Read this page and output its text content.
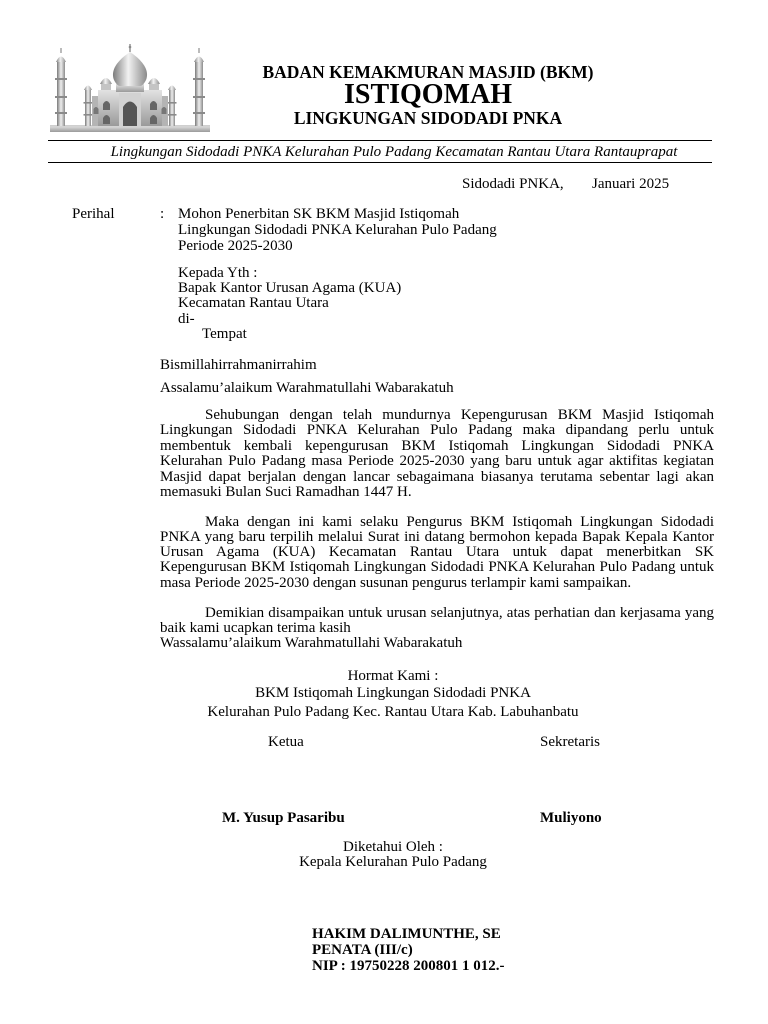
BADAN KEMAKMURAN MASJID (BKM)
ISTIQOMAH
LINGKUNGAN SIDODADI PNKA
Lingkungan Sidodadi PNKA Kelurahan Pulo Padang Kecamatan Rantau Utara Rantauprapat
Sidodadi PNKA, Januari 2025
Perihal	: Mohon Penerbitan SK BKM Masjid Istiqomah
Lingkungan Sidodadi PNKA Kelurahan Pulo Padang
Periode 2025-2030
Kepada Yth :
Bapak Kantor Urusan Agama (KUA)
Kecamatan Rantau Utara
di-
Tempat
Bismillahirrahmanirrahim
Assalamu’alaikum Warahmatullahi Wabarakatuh
Sehubungan dengan telah mundurnya Kepengurusan BKM Masjid Istiqomah
Lingkungan Sidodadi PNKA Kelurahan Pulo Padang maka dipandang perlu untuk
membentuk kembali kepengurusan BKM Istiqomah Lingkungan Sidodadi PNKA
Kelurahan Pulo Padang masa Periode 2025-2030 yang baru untuk agar aktifitas kegiatan
Masjid dapat berjalan dengan lancar sebagaimana biasanya terutama sebentar lagi akan
memasuki Bulan Suci Ramadhan 1447 H.
Maka dengan ini kami selaku Pengurus BKM Istiqomah Lingkungan Sidodadi
PNKA yang baru terpilih melalui Surat ini datang bermohon kepada Bapak Kepala Kantor
Urusan Agama (KUA) Kecamatan Rantau Utara untuk dapat menerbitkan SK
Kepengurusan BKM Istiqomah Lingkungan Sidodadi PNKA Kelurahan Pulo Padang untuk
masa Periode 2025-2030 dengan susunan pengurus terlampir kami sampaikan.
Demikian disampaikan untuk urusan selanjutnya, atas perhatian dan kerjasama yang
baik kami ucapkan terima kasih
Wassalamu’alaikum Warahmatullahi Wabarakatuh
Hormat Kami :
BKM Istiqomah Lingkungan Sidodadi PNKA
Kelurahan Pulo Padang Kec. Rantau Utara Kab. Labuhanbatu
Ketua	Sekretaris
M. Yusup Pasaribu	Muliyono
Diketahui Oleh :
Kepala Kelurahan Pulo Padang
HAKIM DALIMUNTHE, SE
PENATA (III/c)
NIP : 19750228 200801 1 012.-
